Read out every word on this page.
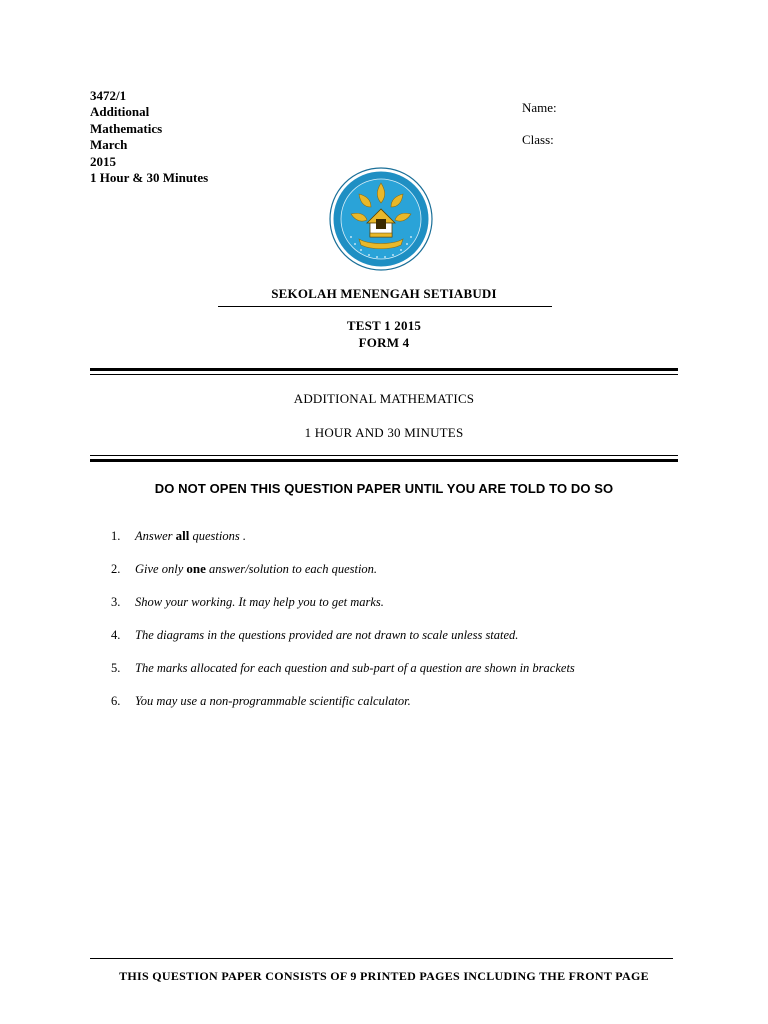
3472/1
Additional
Mathematics
March
2015
1 Hour & 30 Minutes
Name:
Class:
SEKOLAH MENENGAH SETIABUDI
TEST 1 2015
FORM 4
ADDITIONAL MATHEMATICS
1 HOUR AND 30 MINUTES
DO NOT OPEN THIS QUESTION PAPER UNTIL YOU ARE TOLD TO DO SO
1. Answer all questions .
2. Give only one answer/solution to each question.
3. Show your working. It may help you to get marks.
4. The diagrams in the questions provided are not drawn to scale unless stated.
5. The marks allocated for each question and sub-part of a question are shown in brackets
6. You may use a non-programmable scientific calculator.
THIS QUESTION PAPER CONSISTS OF 9 PRINTED PAGES INCLUDING THE FRONT PAGE
